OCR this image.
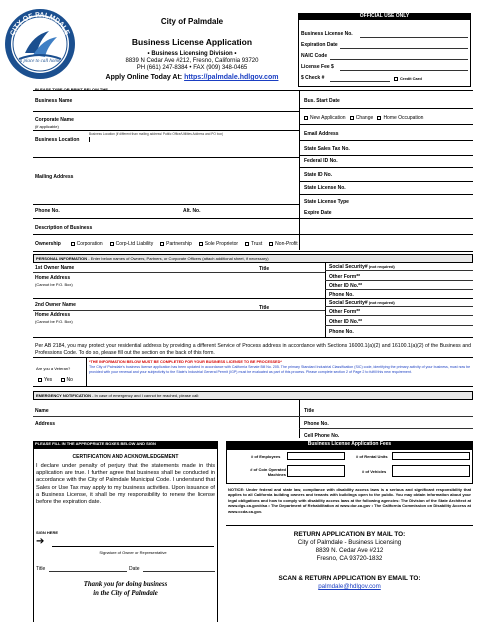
CITY OF PALMDALE
a place to call home
City of Palmdale
Business License Application
• Business Licensing Division •
8839 N Cedar Ave #212, Fresno, California 93720
PH (661) 247-8384 • FAX (909) 348-0465
Apply Online Today At: https://palmdale.hdlgov.com
OFFICIAL USE ONLY
Business License No.
Expiration Date
NAIC Code
License Fee $
$ Check #	Credit Card
PLEASE TYPE OR PRINT BELOW THE
Business Name
Corporate Name
(if applicable)
Business Location
Business Location (if different than mailing address/ Public Office/Utilities Address and PO box)
Mailing Address
Phone No.	Alt. No.
Description of Business
Bus. Start Date
New Application Change Home Occupation
Email Address
State Sales Tax No.
Federal ID No.
State ID No.
State License No.
State License Type
Expire Date
Ownership	Corporation	Corp-Ltd Liability	Partnership	Sole Proprietor	Trust	Non-Profit
PERSONAL INFORMATION - Enter below names of Owners, Partners, or Corporate Officers (attach additional sheet, if necessary)
1st Owner Name	Title
Home Address
(Cannot be P.O. Box)
Social Security# (not required)
Other Form**
Other ID No.**
Phone No.
2nd Owner Name	Title
Home Address
(Cannot be P.O. Box)
Social Security# (not required)
Other Form**
Other ID No.**
Phone No.
Per AB 2184, you may protect your residential address by providing a different Service of Process address in accordance with Sections 16000.1(a)(2) and 16100.1(a)(2) of the Business and Professions Code. To do so, please fill out the section on the back of this form.
Are you a Veteran?
Yes	No
*THE INFORMATION BELOW MUST BE COMPLETED FOR YOUR BUSINESS LICENSE TO BE PROCESSED*
The City of Palmdale's business license application has been updated in accordance with California Senate Bill No. 205. The primary Standard Industrial Classification (SIC) code, identifying the primary activity of your business, must now be provided with your renewal and your subjectivity to the State's Industrial General Permit (IGP) must be evaluated as part of this process. Please complete section 2 of Page 2 to fulfill this new requirement.
EMERGENCY NOTIFICATION - In case of emergency and I cannot be reached, please call:
Name
Address
Title
Phone No.
Cell Phone No.
PLEASE FILL IN THE APPROPRIATE BOXES BELOW AND SIGN
CERTIFICATION AND ACKNOWLEDGEMENT
I declare under penalty of perjury that the statements made in this application are true. I further agree that business shall be conducted in accordance with the City of Palmdale Municipal Code. I understand that Sales or Use Tax may apply to my business activities. Upon issuance of a Business License, it shall be my responsibility to renew the license before the expiration date.
SIGN HERE
➔
Signature of Owner or Representative
Title	Date
Thank you for doing business
in the City of Palmdale
Business License Application Fees
# of Employees	# of Rental Units
# of Coin Operated
Machines
# of Vehicles
NOTICE: Under federal and state law, compliance with disability access laws is a serious and significant responsibility that applies to all California building owners and tenants with buildings open to the public. You may obtain information about your legal obligations and how to comply with disability access laws at the following agencies: The Division of the State Architect at www.dgs.ca.gov/dsa • The Department of Rehabilitation at www.dor.ca.gov • The California Commission on Disability Access at www.ccda.ca.gov.
RETURN APPLICATION BY MAIL TO:
City of Palmdale - Business Licensing
8839 N. Cedar Ave #212
Fresno, CA 93720-1832
SCAN & RETURN APPLICATION BY EMAIL TO:
palmdale@hdlgov.com
